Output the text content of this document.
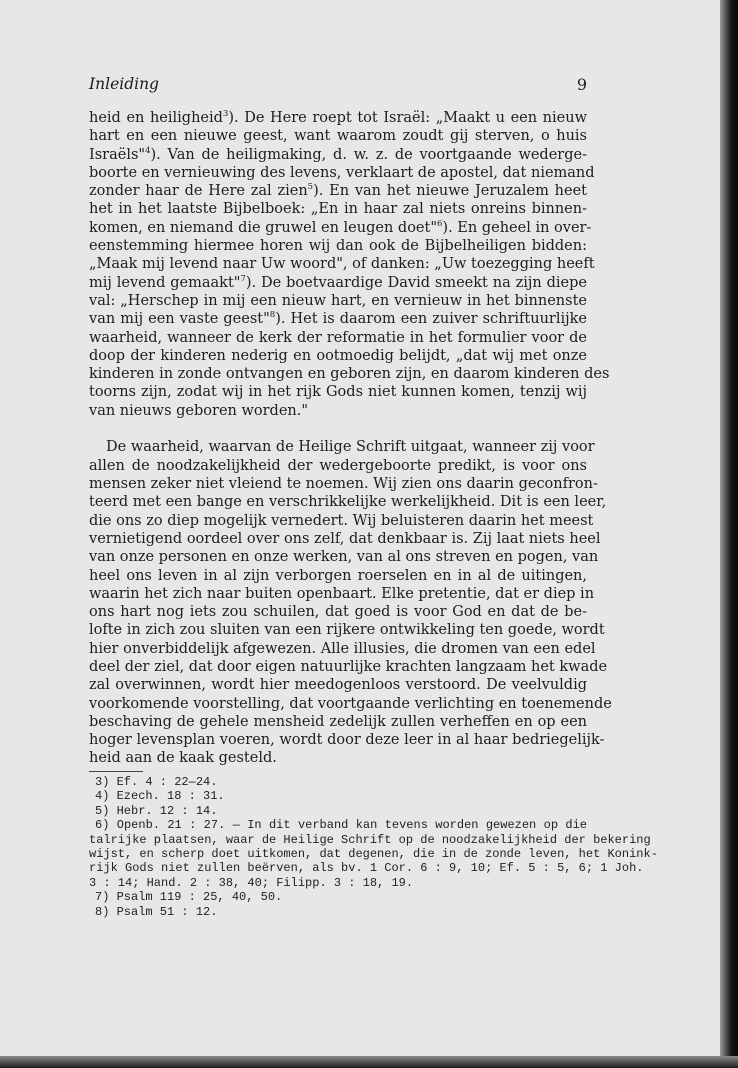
Inleiding	9
heid en heiligheid$^3$). De Here roept tot Israël: „Maakt u een nieuw
hart en een nieuwe geest, want waarom zoudt gij sterven, o huis
Israëls"$^4$). Van de heiligmaking, d. w. z. de voortgaande wederge-
boorte en vernieuwing des levens, verklaart de apostel, dat niemand
zonder haar de Here zal zien$^5$). En van het nieuwe Jeruzalem heet
het in het laatste Bijbelboek: „En in haar zal niets onreins binnen-
komen, en niemand die gruwel en leugen doet"$^6$). En geheel in over-
eenstemming hiermee horen wij dan ook de Bijbelheiligen bidden:
„Maak mij levend naar Uw woord", of danken: „Uw toezegging heeft
mij levend gemaakt"$^7$). De boetvaardige David smeekt na zijn diepe
val: „Herschep in mij een nieuw hart, en vernieuw in het binnenste
van mij een vaste geest"$^8$). Het is daarom een zuiver schriftuurlijke
waarheid, wanneer de kerk der reformatie in het formulier voor de
doop der kinderen nederig en ootmoedig belijdt, „dat wij met onze
kinderen in zonde ontvangen en geboren zijn, en daarom kinderen des
toorns zijn, zodat wij in het rijk Gods niet kunnen komen, tenzij wij
van nieuws geboren worden."
De waarheid, waarvan de Heilige Schrift uitgaat, wanneer zij voor
allen de noodzakelijkheid der wedergeboorte predikt, is voor ons
mensen zeker niet vleiend te noemen. Wij zien ons daarin geconfron-
teerd met een bange en verschrikkelijke werkelijkheid. Dit is een leer,
die ons zo diep mogelijk vernedert. Wij beluisteren daarin het meest
vernietigend oordeel over ons zelf, dat denkbaar is. Zij laat niets heel
van onze personen en onze werken, van al ons streven en pogen, van
heel ons leven in al zijn verborgen roerselen en in al de uitingen,
waarin het zich naar buiten openbaart. Elke pretentie, dat er diep in
ons hart nog iets zou schuilen, dat goed is voor God en dat de be-
lofte in zich zou sluiten van een rijkere ontwikkeling ten goede, wordt
hier onverbiddelijk afgewezen. Alle illusies, die dromen van een edel
deel der ziel, dat door eigen natuurlijke krachten langzaam het kwade
zal overwinnen, wordt hier meedogenloos verstoord. De veelvuldig
voorkomende voorstelling, dat voortgaande verlichting en toenemende
beschaving de gehele mensheid zedelijk zullen verheffen en op een
hoger levensplan voeren, wordt door deze leer in al haar bedriegelijk-
heid aan de kaak gesteld.
3) Ef. 4 : 22—24.
4) Ezech. 18 : 31.
5) Hebr. 12 : 14.
6) Openb. 21 : 27. — In dit verband kan tevens worden gewezen op die
talrijke plaatsen, waar de Heilige Schrift op de noodzakelijkheid der bekering
wijst, en scherp doet uitkomen, dat degenen, die in de zonde leven, het Konink-
rijk Gods niet zullen beërven, als bv. 1 Cor. 6 : 9, 10; Ef. 5 : 5, 6; 1 Joh.
3 : 14; Hand. 2 : 38, 40; Filipp. 3 : 18, 19.
7) Psalm 119 : 25, 40, 50.
8) Psalm 51 : 12.
